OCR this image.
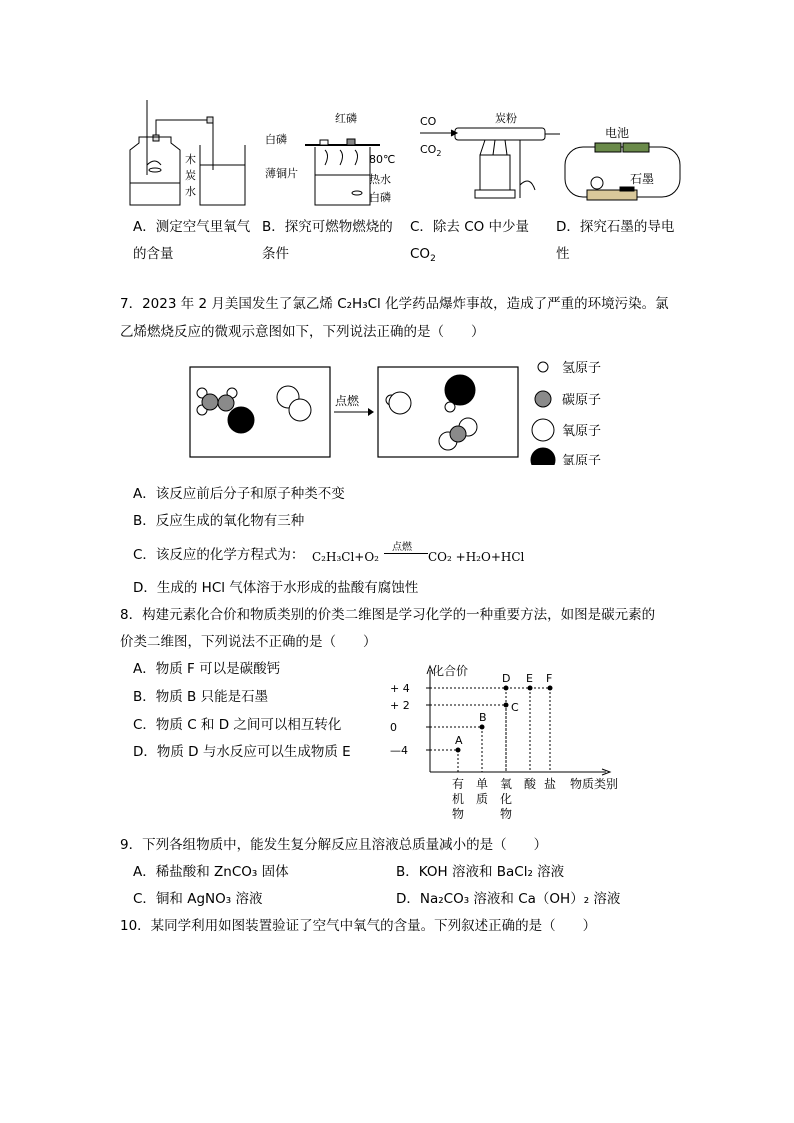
木
炭
水
红磷
白磷
薄铜片
80℃
热水
白磷
CO
$CO_2$
炭粉
电池
石墨
A．测定空气里氧气
的含量
B．探究可燃物燃烧的
条件
C．除去 CO 中少量
$CO_2$
D．探究石墨的导电
性
7．2023 年 2 月美国发生了氯乙烯 C₂H₃Cl 化学药品爆炸事故，造成了严重的环境污染。氯
乙烯燃烧反应的微观示意图如下，下列说法正确的是（　　）
点燃
氢原子
碳原子
氧原子
氯原子
A．该反应前后分子和原子种类不变
B．反应生成的氧化物有三种
C．该反应的化学方程式为： C₂H₃Cl+O₂
点燃
CO₂ +H₂O+HCl
D．生成的 HCl 气体溶于水形成的盐酸有腐蚀性
8．构建元素化合价和物质类别的价类二维图是学习化学的一种重要方法，如图是碳元素的
价类二维图，下列说法不正确的是（　　）
A．物质 F 可以是碳酸钙
B．物质 B 只能是石墨
C．物质 C 和 D 之间可以相互转化
D．物质 D 与水反应可以生成物质 E
化合价
物质类别
+ 4
+ 2
0
—4
有
机
物
单
质
氧
化
物
酸 盐
A
B
C
D E F
9．下列各组物质中，能发生复分解反应且溶液总质量减小的是（　　）
A．稀盐酸和 ZnCO₃ 固体	B．KOH 溶液和 BaCl₂ 溶液
C．铜和 AgNO₃ 溶液	D．Na₂CO₃ 溶液和 Ca（OH）₂ 溶液
10．某同学利用如图装置验证了空气中氧气的含量。下列叙述正确的是（　　）
